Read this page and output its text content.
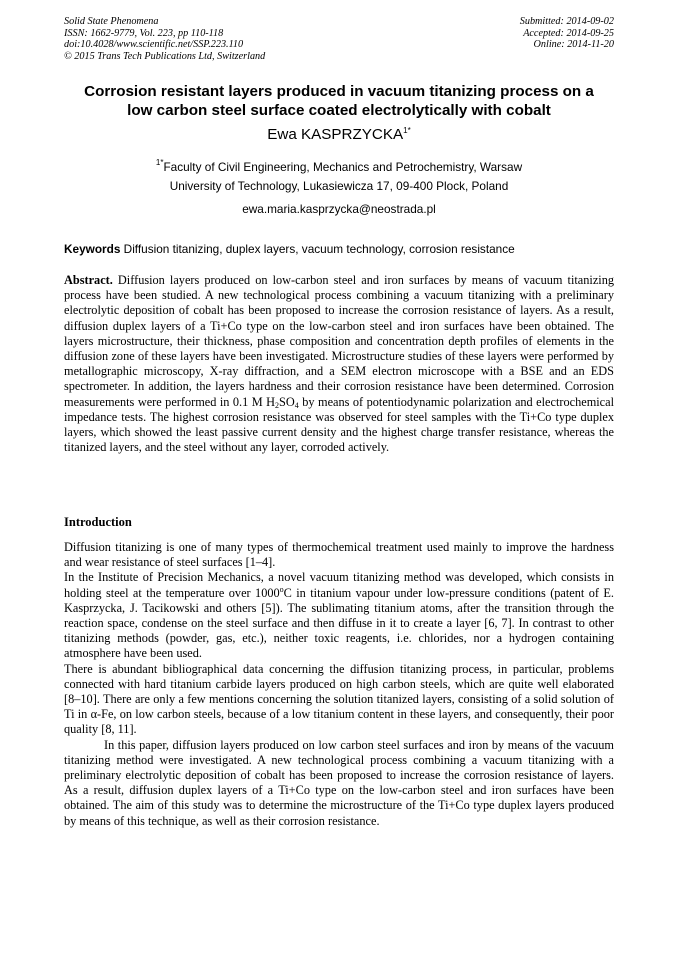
Solid State Phenomena
ISSN: 1662-9779, Vol. 223, pp 110-118
doi:10.4028/www.scientific.net/SSP.223.110
© 2015 Trans Tech Publications Ltd, Switzerland
Submitted: 2014-09-02
Accepted: 2014-09-25
Online: 2014-11-20
Corrosion resistant layers produced in vacuum titanizing process on a
low carbon steel surface coated electrolytically with cobalt
Ewa $KASPRZYCKA^{1*}$
$^{1*}$Faculty of Civil Engineering, Mechanics and Petrochemistry, Warsaw
University of Technology, Lukasiewicza 17, 09-400 Plock, Poland
ewa.maria.kasprzycka@neostrada.pl
Keywords Diffusion titanizing, duplex layers, vacuum technology, corrosion resistance
Abstract. Diffusion layers produced on low-carbon steel and iron surfaces by means of vacuum titanizing process have been studied. A new technological process combining a vacuum titanizing with a preliminary electrolytic deposition of cobalt has been proposed to increase the corrosion resistance of layers. As a result, diffusion duplex layers of a Ti+Co type on the low-carbon steel and iron surfaces have been obtained. The layers microstructure, their thickness, phase composition and concentration depth profiles of elements in the diffusion zone of these layers have been investigated. Microstructure studies of these layers were performed by metallographic microscopy, X-ray diffraction, and a SEM electron microscope with a BSE and an EDS spectrometer. In addition, the layers hardness and their corrosion resistance have been determined. Corrosion measurements were performed in 0.1 M $H_2SO_4$ by means of potentiodynamic polarization and electrochemical impedance tests. The highest corrosion resistance was observed for steel samples with the Ti+Co type duplex layers, which showed the least passive current density and the highest charge transfer resistance, whereas the titanized layers, and the steel without any layer, corroded actively.
Introduction

Diffusion titanizing is one of many types of thermochemical treatment used mainly to improve the hardness and wear resistance of steel surfaces [1–4].

In the Institute of Precision Mechanics, a novel vacuum titanizing method was developed, which consists in holding steel at the temperature over 1000$^o$C in titanium vapour under low-pressure conditions (patent of E. Kasprzycka, J. Tacikowski and others [5]). The sublimating titanium atoms, after the transition through the reaction space, condense on the steel surface and then diffuse in it to create a layer [6, 7]. In contrast to other titanizing methods (powder, gas, etc.), neither toxic reagents, i.e. chlorides, nor a hydrogen containing atmosphere have been used.

There is abundant bibliographical data concerning the diffusion titanizing process, in particular, problems connected with hard titanium carbide layers produced on high carbon steels, which are quite well elaborated [8–10]. There are only a few mentions concerning the solution titanized layers, consisting of a solid solution of Ti in α-Fe, on low carbon steels, because of a low titanium content in these layers, and consequently, their poor quality [8, 11].

In this paper, diffusion layers produced on low carbon steel surfaces and iron by means of the vacuum titanizing method were investigated. A new technological process combining a vacuum titanizing with a preliminary electrolytic deposition of cobalt has been proposed to increase the corrosion resistance of layers. As a result, diffusion duplex layers of a Ti+Co type on the low-carbon steel and iron surfaces have been obtained. The aim of this study was to determine the microstructure of the Ti+Co type duplex layers produced by means of this technique, as well as their corrosion resistance.
